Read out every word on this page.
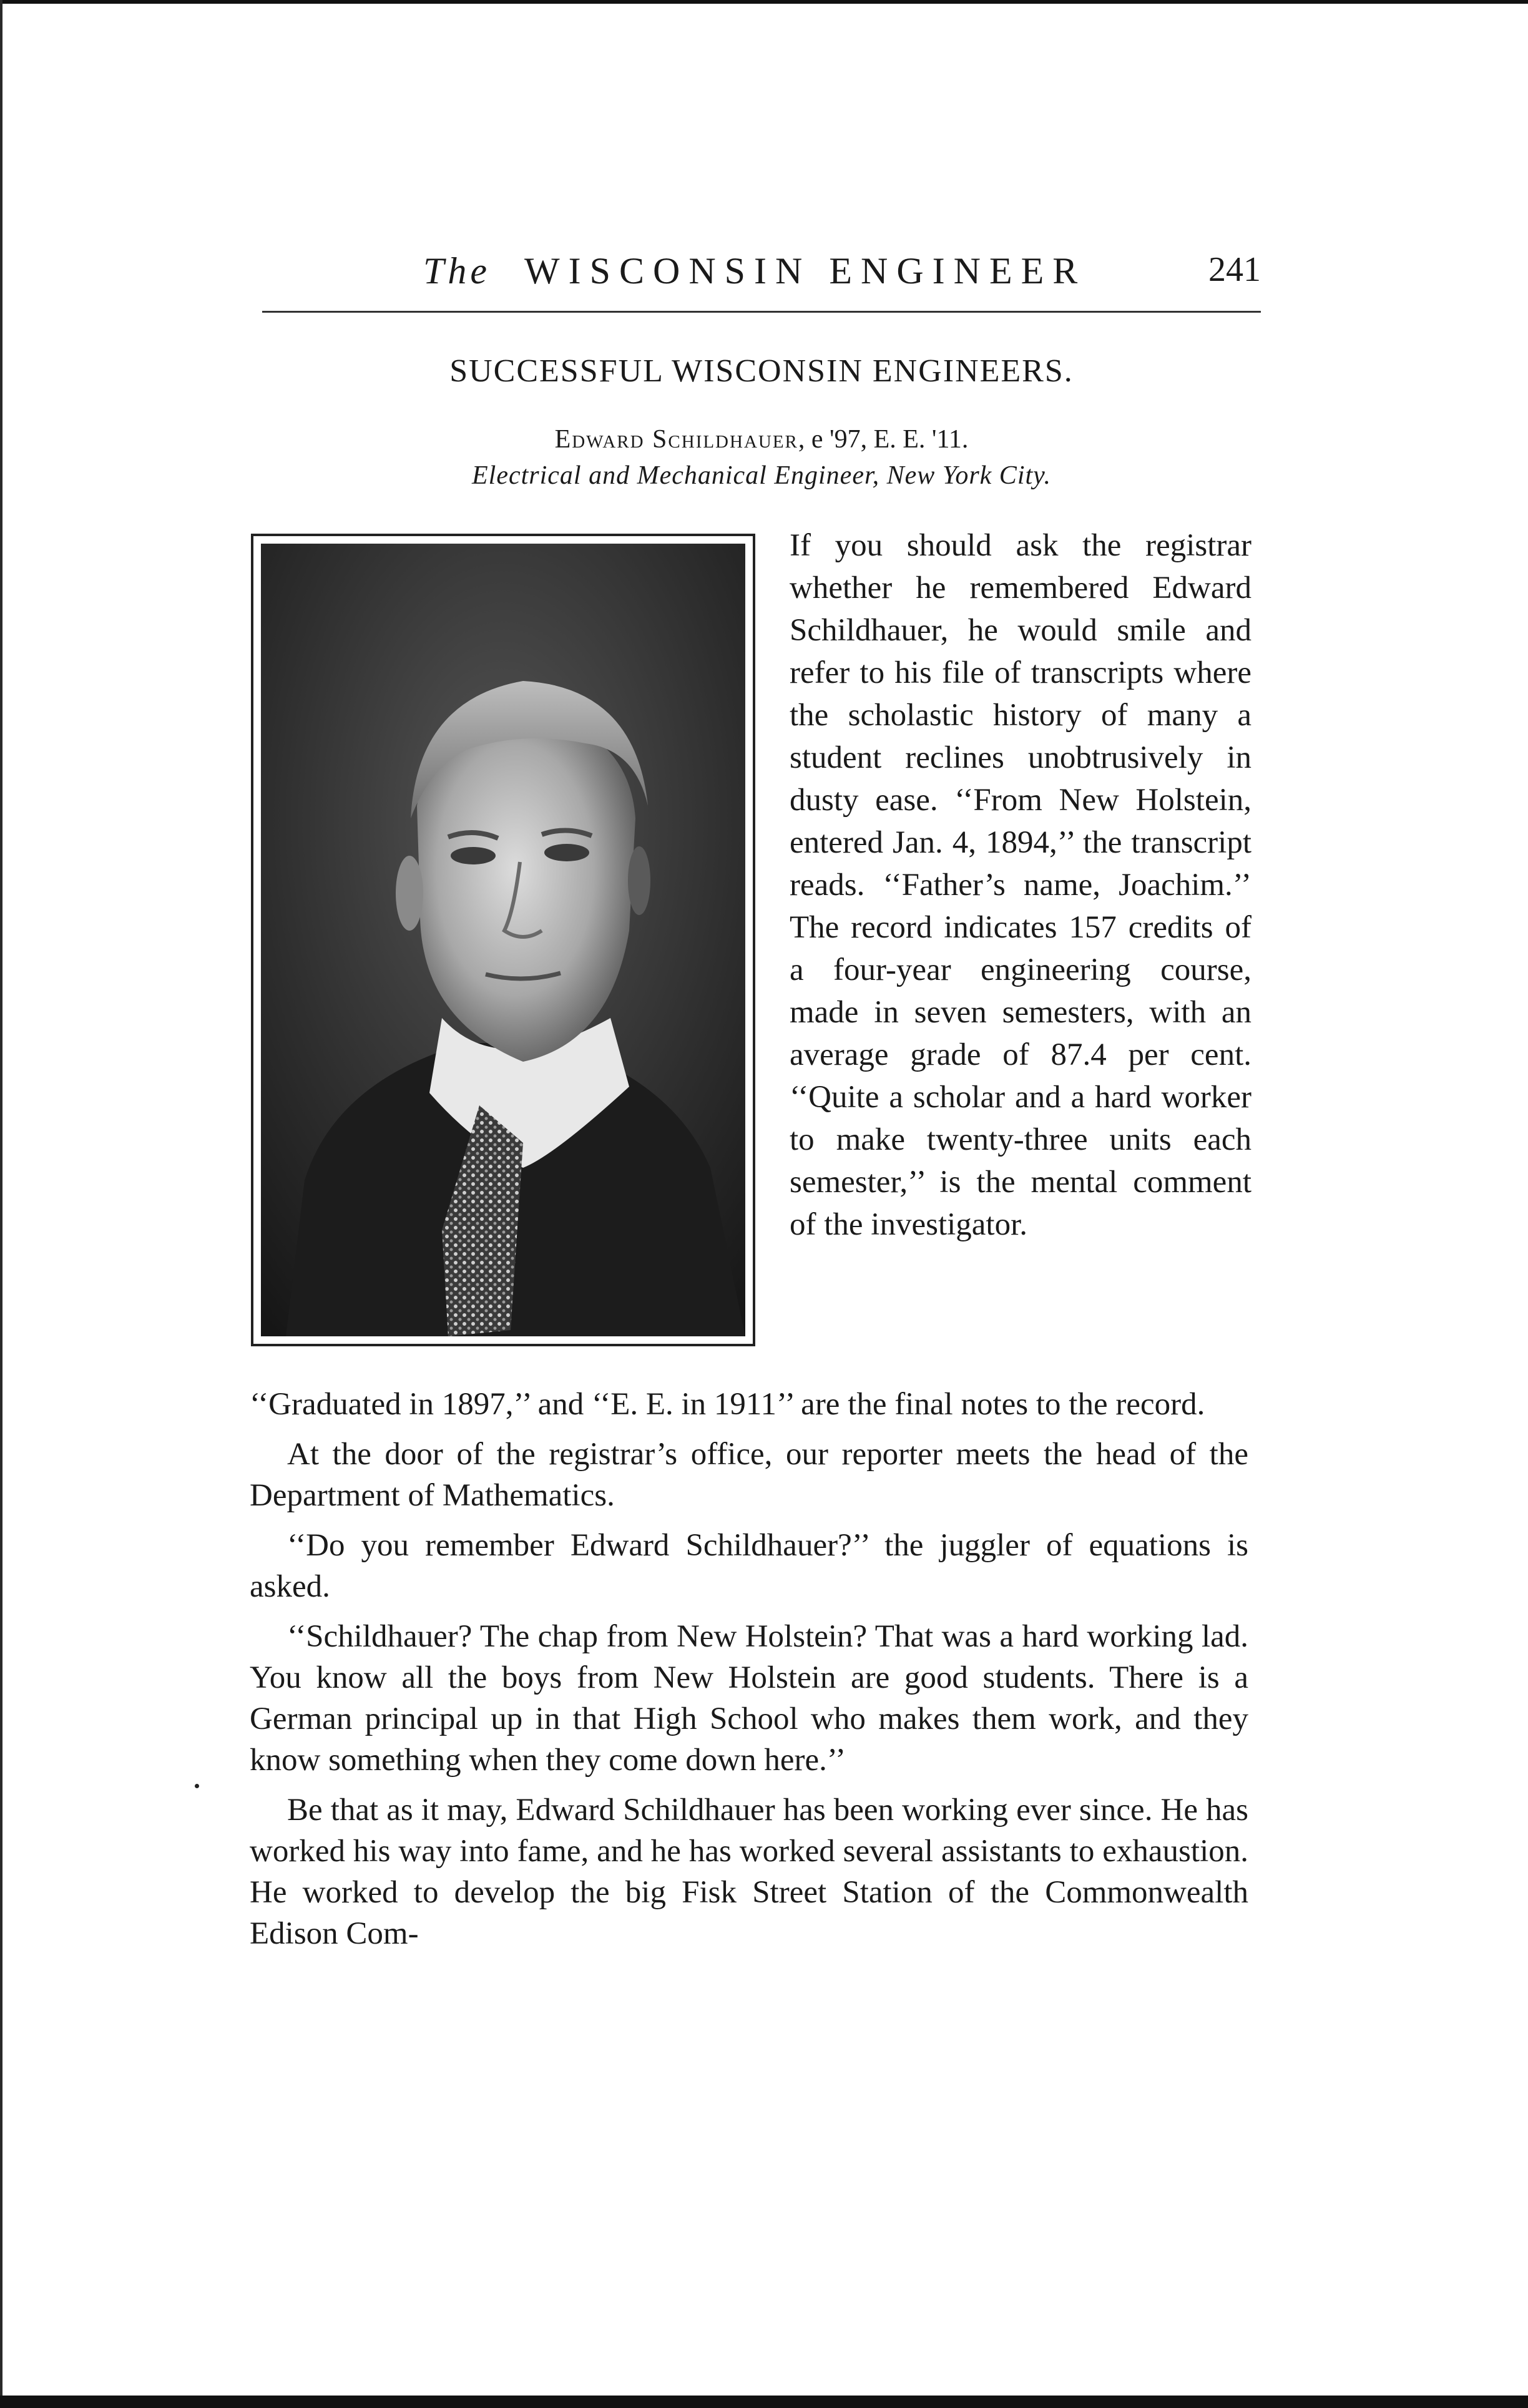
The WISCONSIN ENGINEER	241
SUCCESSFUL WISCONSIN ENGINEERS.
Edward Schildhauer, e '97, E. E. '11.
Electrical and Mechanical Engineer, New York City.

If you should ask the registrar whether he remembered Edward Schildhauer, he would smile and refer to his file of transcripts where the scholastic history of many a student reclines unobtrusively in dusty ease. ‘‘From New Holstein, entered Jan. 4, 1894,’’ the transcript reads. ‘‘Father’s name, Joachim.’’ The record indicates 157 credits of a four-year engineering course, made in seven semesters, with an average grade of 87.4 per cent. ‘‘Quite a scholar and a hard worker to make twenty-three units each semester,’’ is the mental comment of the investigator.

‘‘Graduated in 1897,’’ and ‘‘E. E. in 1911’’ are the final notes to the record.

At the door of the registrar’s office, our reporter meets the head of the Department of Mathematics.

‘‘Do you remember Edward Schildhauer?’’ the juggler of equations is asked.

‘‘Schildhauer? The chap from New Holstein? That was a hard working lad. You know all the boys from New Holstein are good students. There is a German principal up in that High School who makes them work, and they know something when they come down here.’’

Be that as it may, Edward Schildhauer has been working ever since. He has worked his way into fame, and he has worked several assistants to exhaustion. He worked to develop the big Fisk Street Station of the Commonwealth Edison Com-
